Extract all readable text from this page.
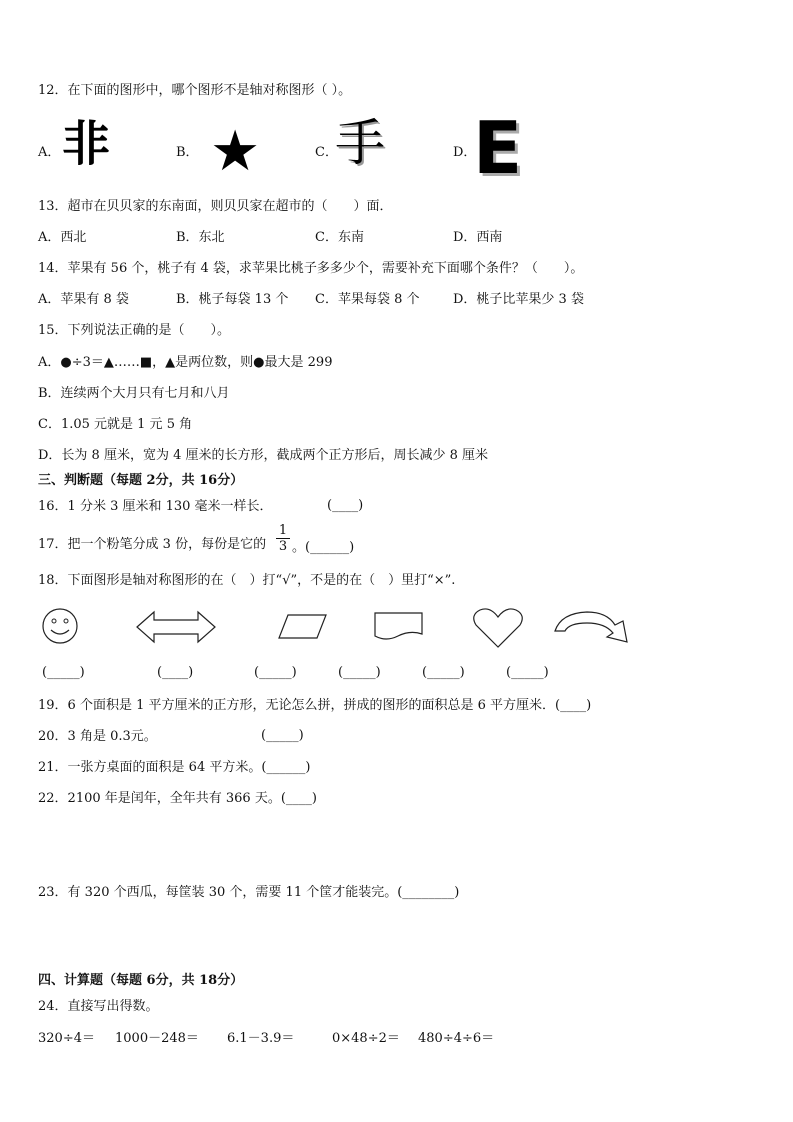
12．在下面的图形中，哪个图形不是轴对称图形（ ）。
A． 非	B． ★	C．
手	D．
E
13．超市在贝贝家的东南面，则贝贝家在超市的（　　）面．
A．西北	B．东北	C．东南	D．西南
14．苹果有 56 个，桃子有 4 袋，求苹果比桃子多多少个，需要补充下面哪个条件？（　　）。
A．苹果有 8 袋	B．桃子每袋 13 个 C．苹果每袋 8 个	D．桃子比苹果少 3 袋
15．下列说法正确的是（　　）。
A．●÷3＝▲……■，▲是两位数，则●最大是 299
B．连续两个大月只有七月和八月
C．1.05 元就是 1 元 5 角
D．长为 8 厘米，宽为 4 厘米的长方形，截成两个正方形后，周长减少 8 厘米
三、判断题（每题 2分，共 16分）
16．1 分米 3 厘米和 130 毫米一样长．	(____)
17．把一个粉笔分成 3 份，每份是它的
1
3 。(______)
18．下面图形是轴对称图形的在（　）打“√”，不是的在（　）里打“×”.
(_____)	(____)	(_____)	(_____)	(_____)	(_____)
19．6 个面积是 1 平方厘米的正方形，无论怎么拼，拼成的图形的面积总是 6 平方厘米．(____)
20．3 角是 0.3元。	(_____)
21．一张方桌面的面积是 64 平方米。(______)
22．2100 年是闰年，全年共有 366 天。(____)
23．有 320 个西瓜，每筐装 30 个，需要 11 个筐才能装完。(________)
四、计算题（每题 6分，共 18分）
24．直接写出得数。
320÷4＝ 1000－248＝ 6.1－3.9＝	0×48÷2＝ 480÷4÷6＝
